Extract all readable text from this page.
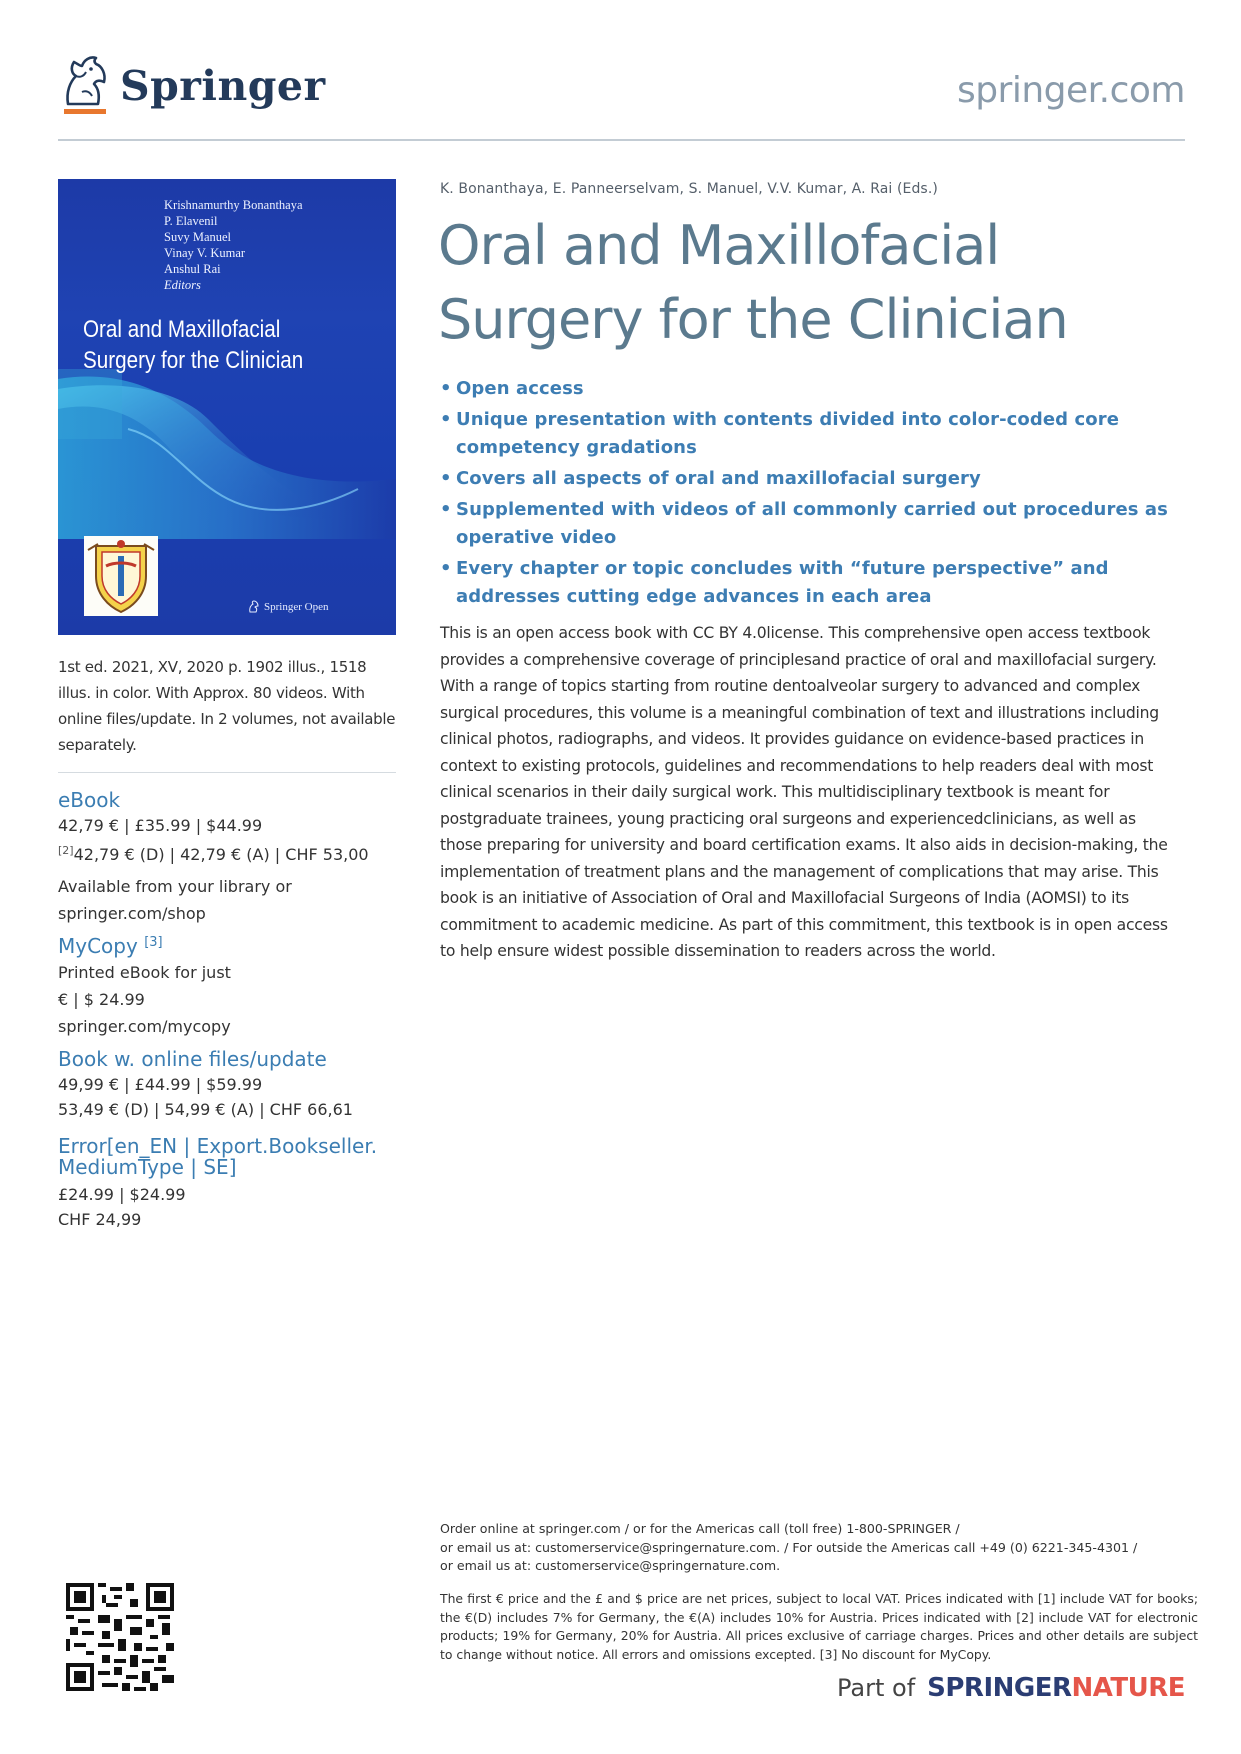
Springer	springer.com
Krishnamurthy Bonanthaya
P. Elavenil
Suvy Manuel
Vinay V. Kumar
Anshul Rai
Editors
Oral and Maxillofacial
Surgery for the Clinician
Springer Open
1st ed. 2021, XV, 2020 p. 1902 illus., 1518 illus. in color. With Approx. 80 videos. With online files/update. In 2 volumes, not available separately.
eBook
42,79 € | £35.99 | $44.99
[2]42,79 € (D) | 42,79 € (A) | CHF 53,00
Available from your library or springer.com/shop
MyCopy [3]
Printed eBook for just
€ | $ 24.99
springer.com/mycopy
Book w. online files/update
49,99 € | £44.99 | $59.99
53,49 € (D) | 54,99 € (A) | CHF 66,61
Error[en_EN | Export.Bookseller. MediumType | SE]
£24.99 | $24.99
CHF 24,99
K. Bonanthaya, E. Panneerselvam, S. Manuel, V.V. Kumar, A. Rai (Eds.)
Oral and Maxillofacial
Surgery for the Clinician
• Open access
• Unique presentation with contents divided into color-coded core competency gradations
• Covers all aspects of oral and maxillofacial surgery
• Supplemented with videos of all commonly carried out procedures as operative video
• Every chapter or topic concludes with “future perspective” and addresses cutting edge advances in each area
This is an open access book with CC BY 4.0license. This comprehensive open access textbook provides a comprehensive coverage of principlesand practice of oral and maxillofacial surgery. With a range of topics starting from routine dentoalveolar surgery to advanced and complex surgical procedures, this volume is a meaningful combination of text and illustrations including clinical photos, radiographs, and videos. It provides guidance on evidence-based practices in context to existing protocols, guidelines and recommendations to help readers deal with most clinical scenarios in their daily surgical work. This multidisciplinary textbook is meant for postgraduate trainees, young practicing oral surgeons and experiencedclinicians, as well as those preparing for university and board certification exams. It also aids in decision-making, the implementation of treatment plans and the management of complications that may arise. This book is an initiative of Association of Oral and Maxillofacial Surgeons of India (AOMSI) to its commitment to academic medicine. As part of this commitment, this textbook is in open access to help ensure widest possible dissemination to readers across the world.
Order online at springer.com / or for the Americas call (toll free) 1-800-SPRINGER /
or email us at: customerservice@springernature.com. / For outside the Americas call +49 (0) 6221-345-4301 /
or email us at: customerservice@springernature.com.
The first € price and the £ and $ price are net prices, subject to local VAT. Prices indicated with [1] include VAT for books; the €(D) includes 7% for Germany, the €(A) includes 10% for Austria. Prices indicated with [2] include VAT for electronic products; 19% for Germany, 20% for Austria. All prices exclusive of carriage charges. Prices and other details are subject to change without notice. All errors and omissions excepted. [3] No discount for MyCopy.
Part of SPRINGERNATURE
